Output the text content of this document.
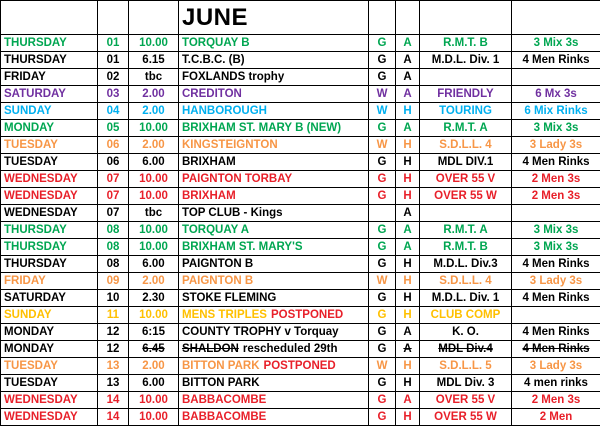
			JUNE				
THURSDAY	01	10.00	TORQUAY B	G	A	R.M.T. B	3 Mix 3s
THURSDAY	01	6.15	T.C.B.C. (B)	G	A	M.D.L. Div. 1	4 Men Rinks
FRIDAY	02	tbc	FOXLANDS trophy	G	A		
SATURDAY	03	2.00	CREDITON	W	A	FRIENDLY	6 Mx 3s
SUNDAY	04	2.00	HANBOROUGH	W	H	TOURING	6 Mix Rinks
MONDAY	05	10.00	BRIXHAM ST. MARY B (NEW)	G	A	R.M.T. A	3 Mix 3s
TUESDAY	06	2.00	KINGSTEIGNTON	W	H	S.D.L.L. 4	3 Lady 3s
TUESDAY	06	6.00	BRIXHAM	G	H	MDL DIV.1	4 Men Rinks
WEDNESDAY	07	10.00	PAIGNTON TORBAY	G	H	OVER 55 V	2 Men 3s
WEDNESDAY	07	10.00	BRIXHAM	G	H	OVER 55 W	2 Men 3s
WEDNESDAY	07	tbc	TOP CLUB - Kings		A		
THURSDAY	08	10.00	TORQUAY A	G	A	R.M.T. A	3 Mix 3s
THURSDAY	08	10.00	BRIXHAM ST. MARY'S	G	A	R.M.T. B	3 Mix 3s
THURSDAY	08	6.00	PAIGNTON B	G	H	M.D.L. Div.3	4 Men Rinks
FRIDAY	09	2.00	PAIGNTON B	W	H	S.D.L.L. 4	3 Lady 3s
SATURDAY	10	2.30	STOKE FLEMING	G	H	M.D.L. Div. 1	4 Men Rinks
SUNDAY	11	10.00	MENS TRIPLES POSTPONED	G	H	CLUB COMP	
MONDAY	12	6:15	COUNTY TROPHY v Torquay	G	A	K. O.	4 Men Rinks
MONDAY	12	6.45	SHALDON rescheduled 29th	G	A	MDL Div.4	4 Men Rinks
TUESDAY	13	2.00	BITTON PARK POSTPONED	W	H	S.D.L.L. 5	3 Lady 3s
TUESDAY	13	6.00	BITTON PARK	G	H	MDL Div. 3	4 men rinks
WEDNESDAY	14	10.00	BABBACOMBE	G	A	OVER 55 V	2 Men 3s
WEDNESDAY	14	10.00	BABBACOMBE	G	H	OVER 55 W	2 Men
